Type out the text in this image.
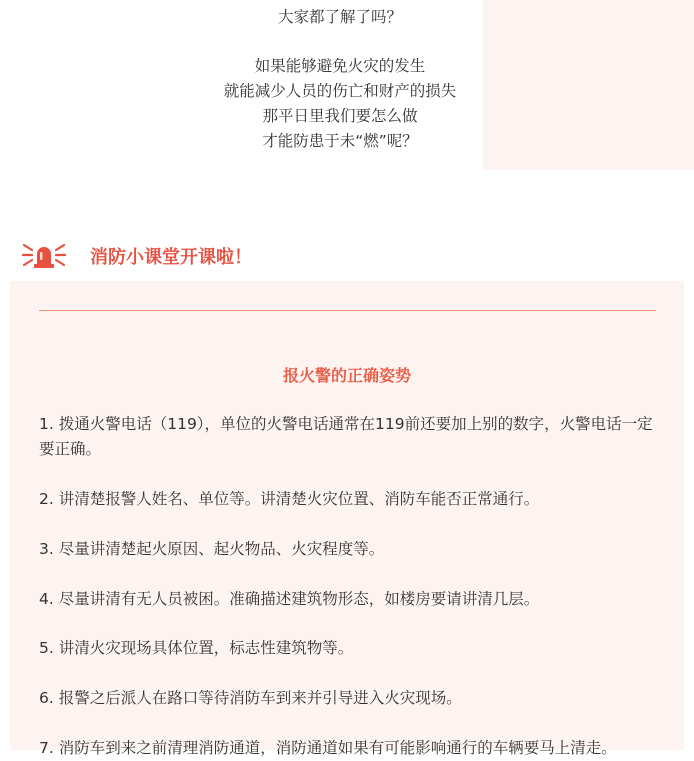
大家都了解了吗？
如果能够避免火灾的发生
就能减少人员的伤亡和财产的损失
那平日里我们要怎么做
才能防患于未“燃”呢？
消防小课堂开课啦！
报火警的正确姿势
1. 拨通火警电话（119），单位的火警电话通常在119前还要加上别的数字，火警电话一定要正确。
2. 讲清楚报警人姓名、单位等。讲清楚火灾位置、消防车能否正常通行。
3. 尽量讲清楚起火原因、起火物品、火灾程度等。
4. 尽量讲清有无人员被困。准确描述建筑物形态，如楼房要请讲清几层。
5. 讲清火灾现场具体位置，标志性建筑物等。
6. 报警之后派人在路口等待消防车到来并引导进入火灾现场。
7. 消防车到来之前清理消防通道，消防通道如果有可能影响通行的车辆要马上清走。
